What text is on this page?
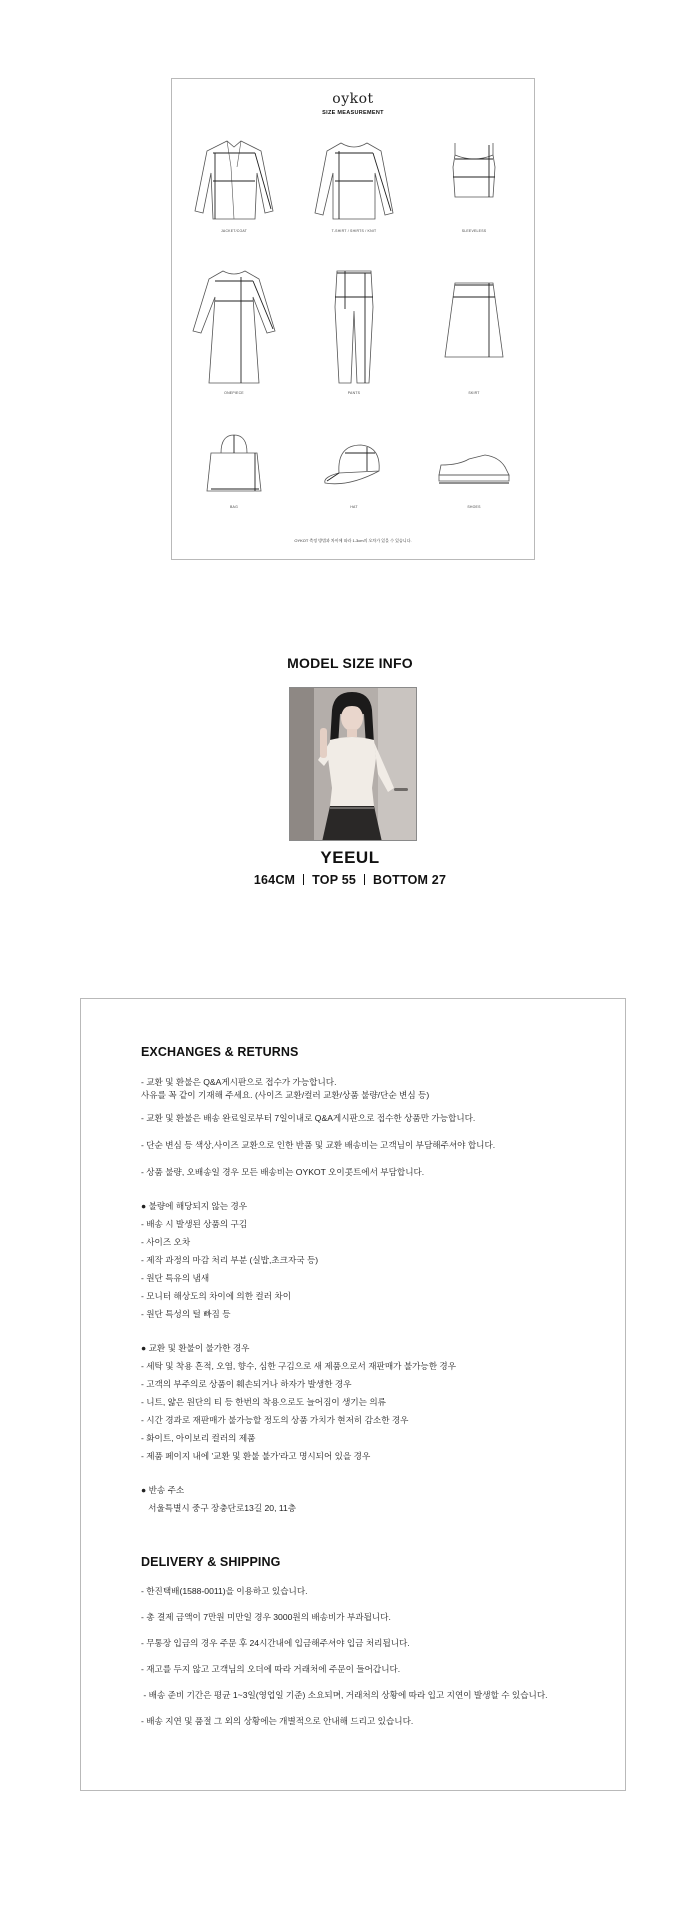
oykot
SIZE MEASUREMENT
JACKET/COAT	T-SHIRT / SHIRTS / KNIT	SLEEVELESS
ONEPIECE	PANTS	SKIRT
BAG	HAT	SHOES
OYKOT 측정 방법과 차이에 따라 1-3cm의 오차가 있을 수 있습니다.
MODEL SIZE INFO
YEEUL
164CM TOP 55 BOTTOM 27
EXCHANGES & RETURNS
- 교환 및 환불은 Q&A게시판으로 접수가 가능합니다.
사유를 꼭 같이 기재해 주세요. (사이즈 교환/컬러 교환/상품 불량/단순 변심 등)
- 교환 및 환불은 배송 완료일로부터 7일이내로 Q&A게시판으로 접수한 상품만 가능합니다.
- 단순 변심 등 색상,사이즈 교환으로 인한 반품 및 교환 배송비는 고객님이 부담해주셔야 합니다.
- 상품 불량, 오배송일 경우 모든 배송비는 OYKOT 오이콧트에서 부담합니다.
● 불량에 해당되지 않는 경우
- 배송 시 발생된 상품의 구김
- 사이즈 오차
- 제작 과정의 마감 처리 부분 (실밥,초크자국 등)
- 원단 특유의 냄새
- 모니터 해상도의 차이에 의한 컬러 차이
- 원단 특성의 털 빠짐 등
● 교환 및 환불이 불가한 경우
- 세탁 및 착용 흔적, 오염, 향수, 심한 구김으로 새 제품으로서 재판매가 불가능한 경우
- 고객의 부주의로 상품이 훼손되거나 하자가 발생한 경우
- 니트, 얇은 원단의 티 등 한번의 착용으로도 늘어짐이 생기는 의류
- 시간 경과로 재판매가 불가능할 정도의 상품 가치가 현저히 감소한 경우
- 화이트, 아이보리 컬러의 제품
- 제품 페이지 내에 '교환 및 환불 불가'라고 명시되어 있을 경우
● 반송 주소
서울특별시 중구 장충단로13길 20, 11층
DELIVERY & SHIPPING
- 한진택배(1588-0011)을 이용하고 있습니다.
- 총 결제 금액이 7만원 미만일 경우 3000원의 배송비가 부과됩니다.
- 무통장 입금의 경우 주문 후 24시간내에 입금해주셔야 입금 처리됩니다.
- 재고를 두지 않고 고객님의 오더에 따라 거래처에 주문이 들어갑니다.
- 배송 준비 기간은 평균 1~3일(영업일 기준) 소요되며, 거래처의 상황에 따라 입고 지연이 발생할 수 있습니다.
- 배송 지연 및 품절 그 외의 상황에는 개별적으로 안내해 드리고 있습니다.
